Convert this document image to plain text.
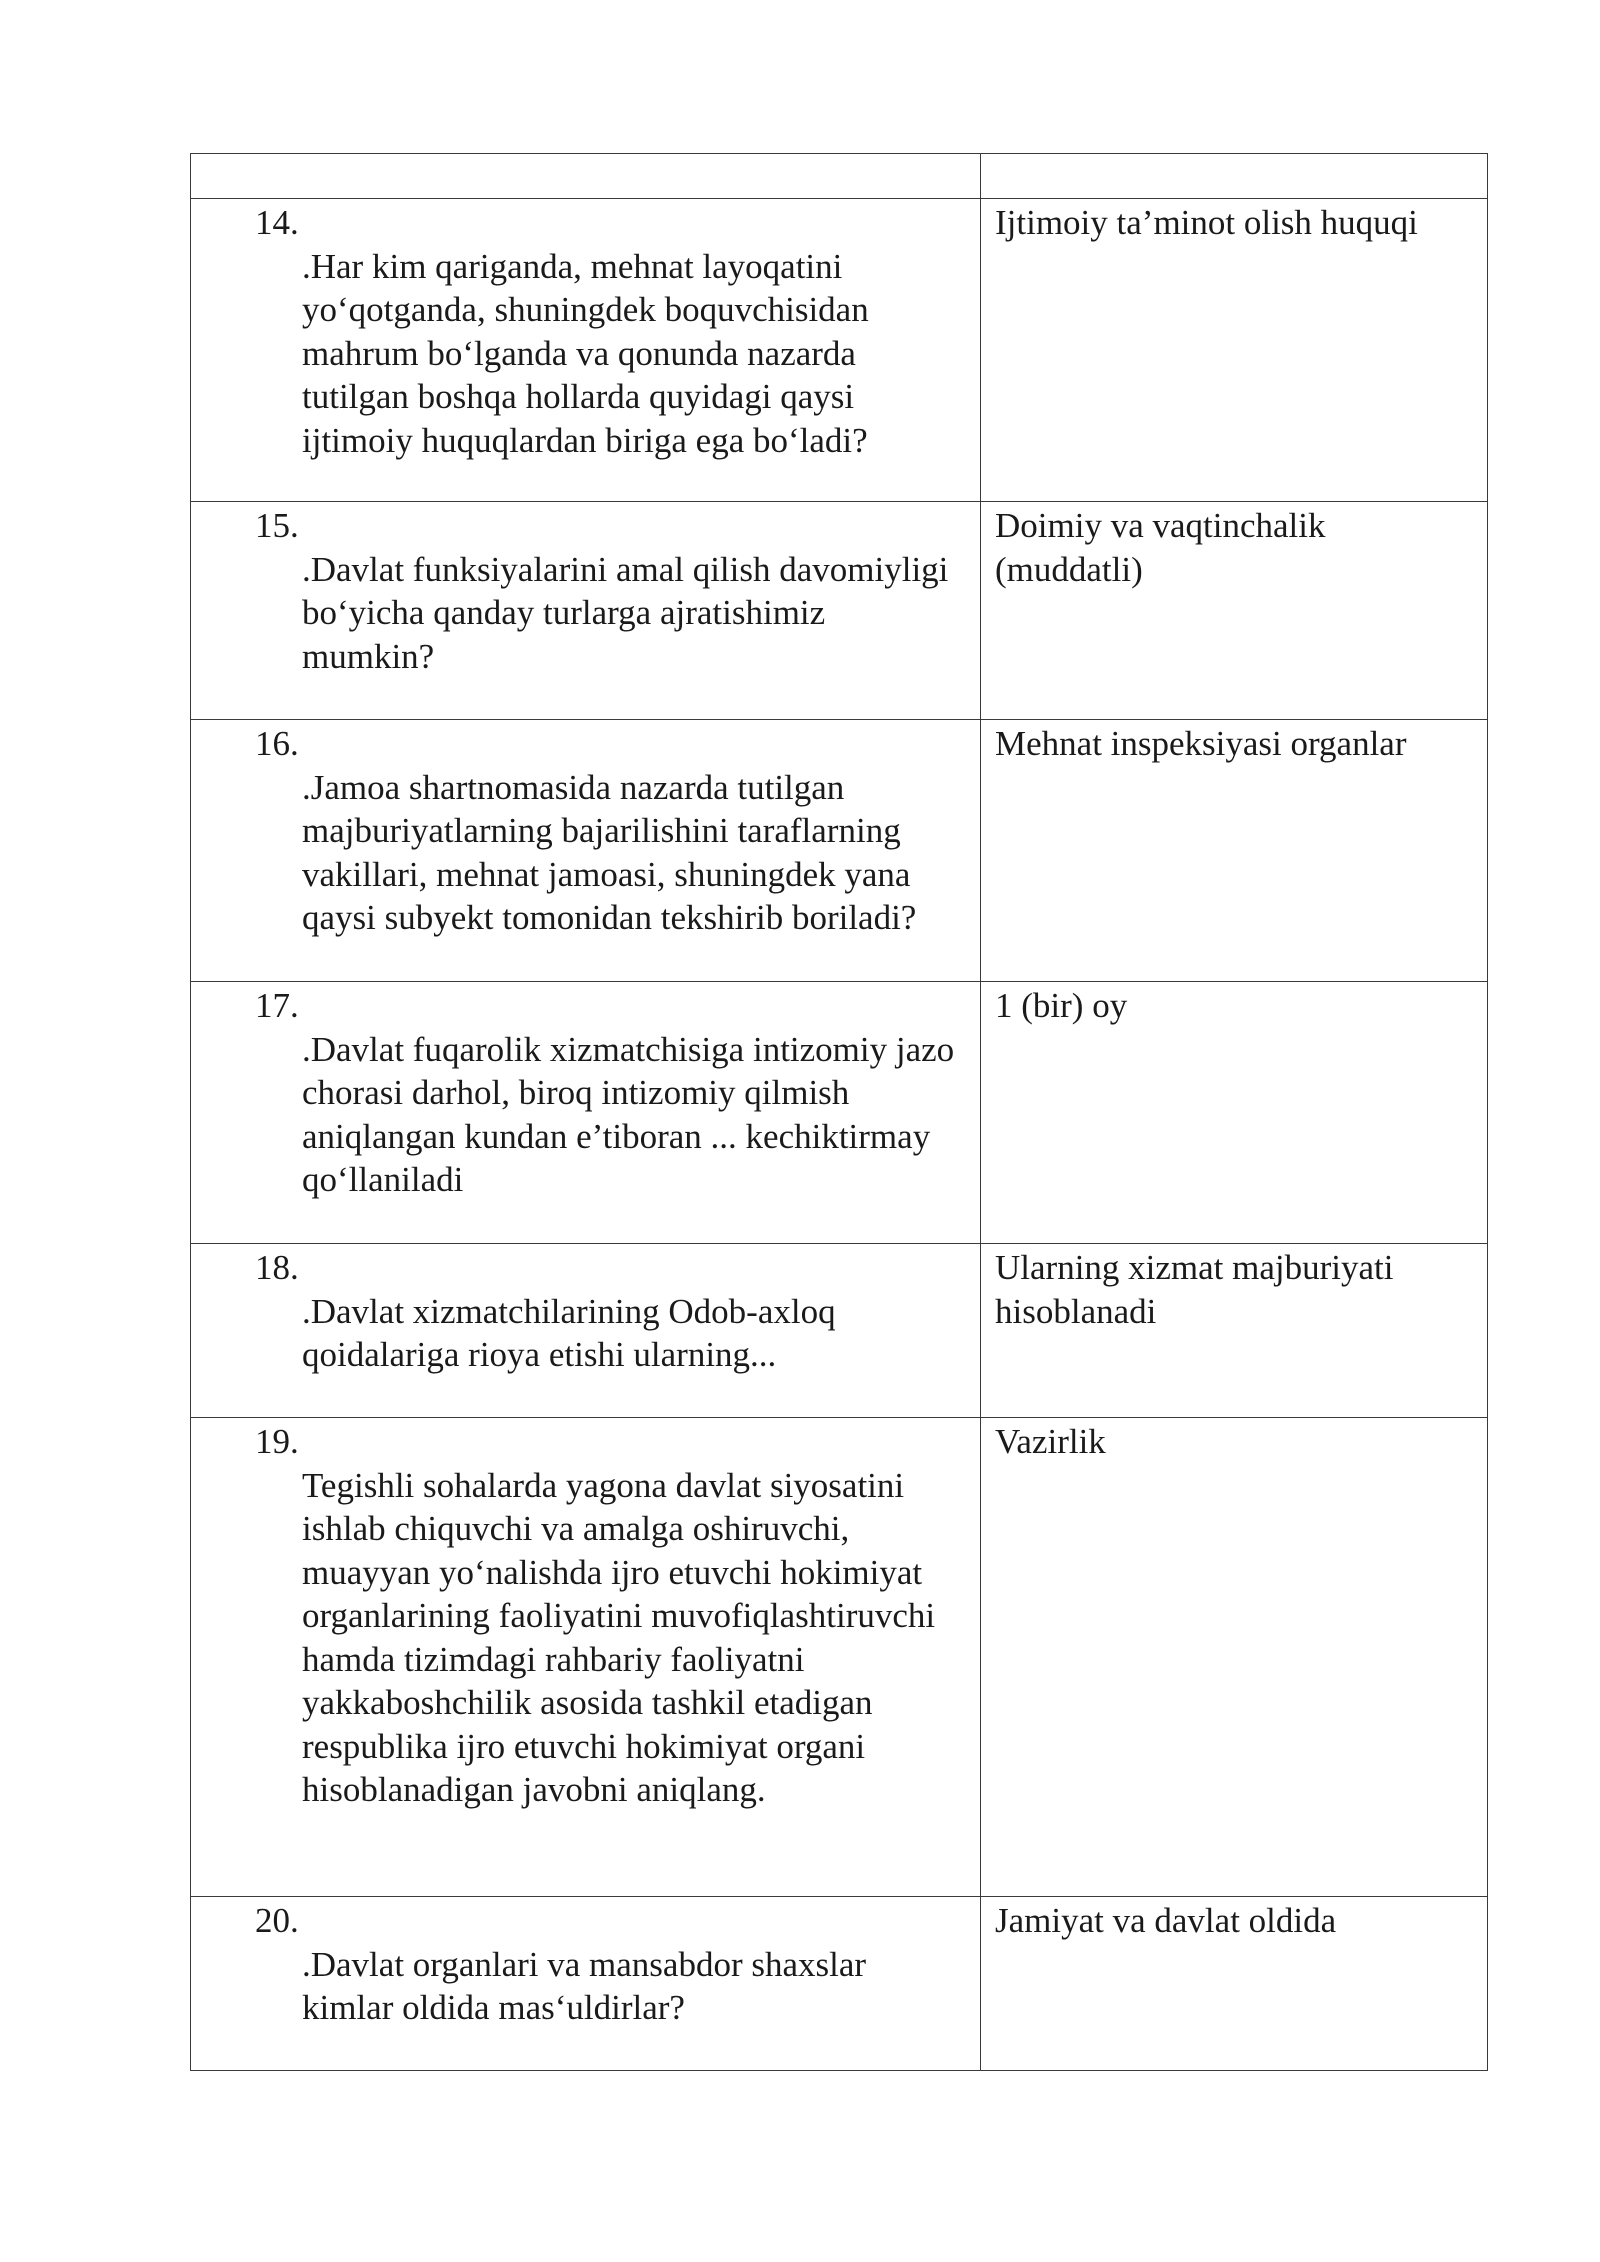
14.
.Har kim qariganda, mehnat layoqatini yo‘qotganda, shuningdek boquvchisidan mahrum bo‘lganda va qonunda nazarda tutilgan boshqa hollarda quyidagi qaysi ijtimoiy huquqlardan biriga ega bo‘ladi?	Ijtimoiy ta’minot olish huquqi

15.
.Davlat funksiyalarini amal qilish davomiyligi bo‘yicha qanday turlarga ajratishimiz mumkin?	Doimiy va vaqtinchalik (muddatli)

16.
.Jamoa shartnomasida nazarda tutilgan majburiyatlarning bajarilishini taraflarning vakillari, mehnat jamoasi, shuningdek yana qaysi subyekt tomonidan tekshirib boriladi?	Mehnat inspeksiyasi organlar

17.
.Davlat fuqarolik xizmatchisiga intizomiy jazo chorasi darhol, biroq intizomiy qilmish aniqlangan kundan e’tiboran ... kechiktirmay qo‘llaniladi	1 (bir) oy

18.
.Davlat xizmatchilarining Odob-axloq qoidalariga rioya etishi ularning...	Ularning xizmat majburiyati hisoblanadi

19.
Tegishli sohalarda yagona davlat siyosatini ishlab chiquvchi va amalga oshiruvchi, muayyan yo‘nalishda ijro etuvchi hokimiyat organlarining faoliyatini muvofiqlashtiruvchi hamda tizimdagi rahbariy faoliyatni yakkaboshchilik asosida tashkil etadigan respublika ijro etuvchi hokimiyat organi hisoblanadigan javobni aniqlang.	Vazirlik

20.
.Davlat organlari va mansabdor shaxslar kimlar oldida mas‘uldirlar?	Jamiyat va davlat oldida
